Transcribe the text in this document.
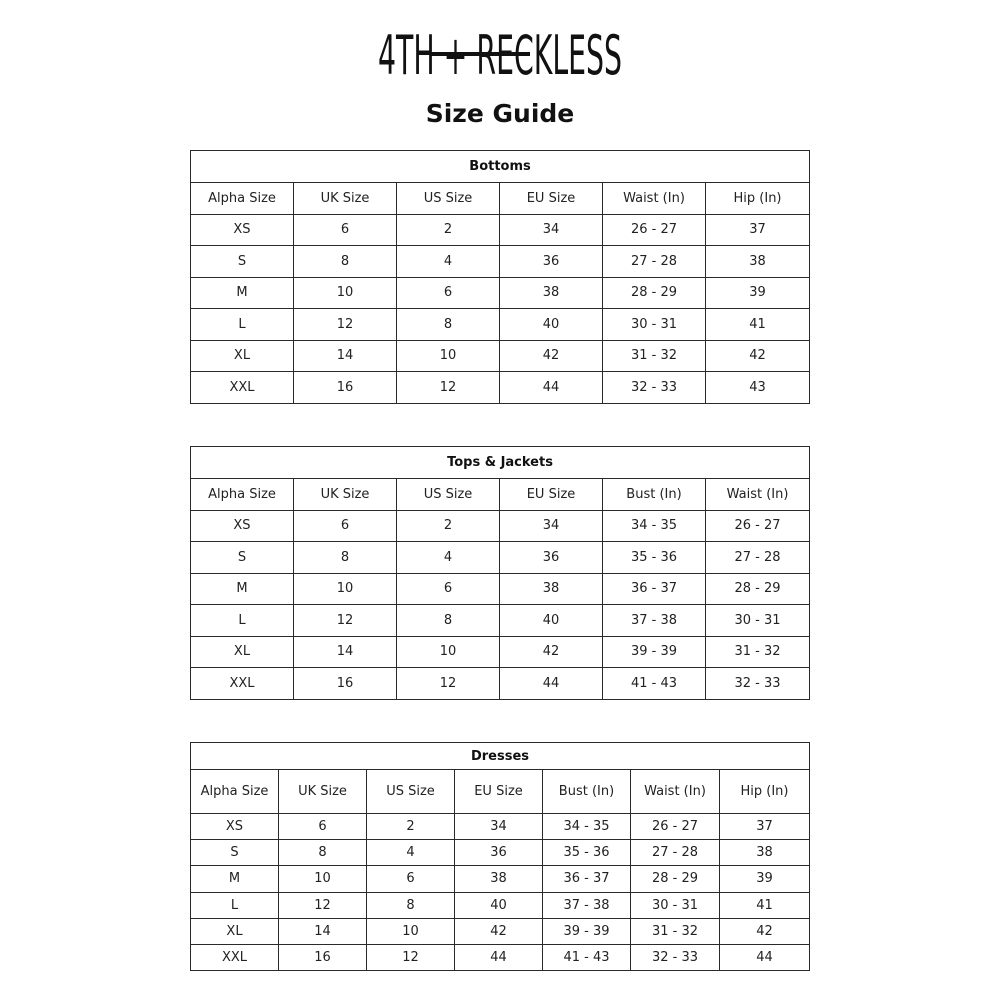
4TH + RECKLESS
Size Guide
Bottoms					
Alpha Size	UK Size	US Size	EU Size	Waist (In)	Hip (In)
XS	6	2	34	26 - 27	37
S	8	4	36	27 - 28	38
M	10	6	38	28 - 29	39
L	12	8	40	30 - 31	41
XL	14	10	42	31 - 32	42
XXL	16	12	44	32 - 33	43
Tops & Jackets					
Alpha Size	UK Size	US Size	EU Size	Bust (In)	Waist (In)
XS	6	2	34	34 - 35	26 - 27
S	8	4	36	35 - 36	27 - 28
M	10	6	38	36 - 37	28 - 29
L	12	8	40	37 - 38	30 - 31
XL	14	10	42	39 - 39	31 - 32
XXL	16	12	44	41 - 43	32 - 33
Dresses						
Alpha Size	UK Size	US Size	EU Size	Bust (In)	Waist (In)	Hip (In)
XS	6	2	34	34 - 35	26 - 27	37
S	8	4	36	35 - 36	27 - 28	38
M	10	6	38	36 - 37	28 - 29	39
L	12	8	40	37 - 38	30 - 31	41
XL	14	10	42	39 - 39	31 - 32	42
XXL	16	12	44	41 - 43	32 - 33	44
